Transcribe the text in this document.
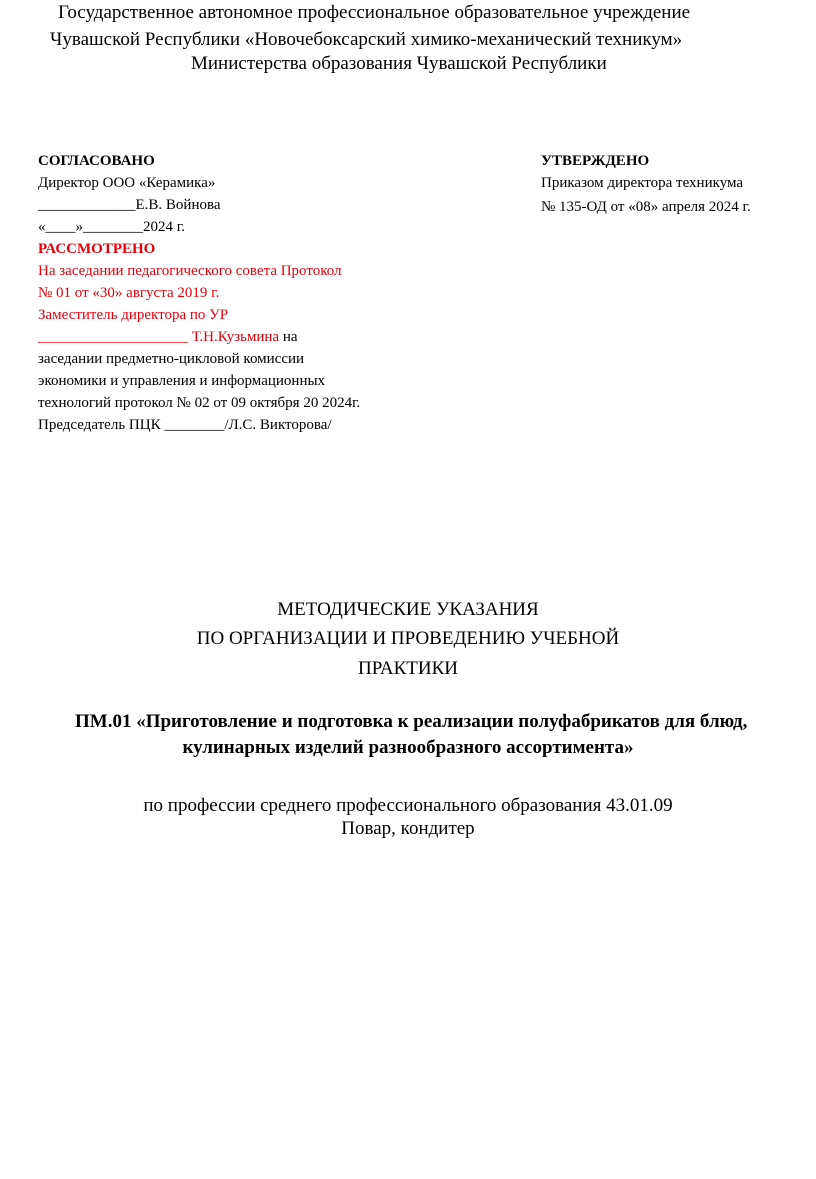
Государственное автономное профессиональное образовательное учреждение
Чувашской Республики «Новочебоксарский химико-механический техникум»
Министерства образования Чувашской Республики
СОГЛАСОВАНО
Директор ООО «Керамика»
_____________Е.В. Войнова
«____»________2024 г.
УТВЕРЖДЕНО
Приказом директора техникума
№ 135-ОД от «08» апреля 2024 г.
РАССМОТРЕНО
На заседании педагогического совета Протокол
№ 01 от «30» августа 2019 г.
Заместитель директора по УР
____________________ Т.Н.Кузьмина на
заседании предметно-цикловой комиссии
экономики и управления и информационных
технологий протокол № 02 от 09 октября 20 2024г.
Председатель ПЦК ________/Л.С. Викторова/
МЕТОДИЧЕСКИЕ УКАЗАНИЯ
ПО ОРГАНИЗАЦИИ И ПРОВЕДЕНИЮ УЧЕБНОЙ
ПРАКТИКИ
ПМ.01 «Приготовление и подготовка к реализации полуфабрикатов для блюд,
кулинарных изделий разнообразного ассортимента»
по профессии среднего профессионального образования 43.01.09
Повар, кондитер
